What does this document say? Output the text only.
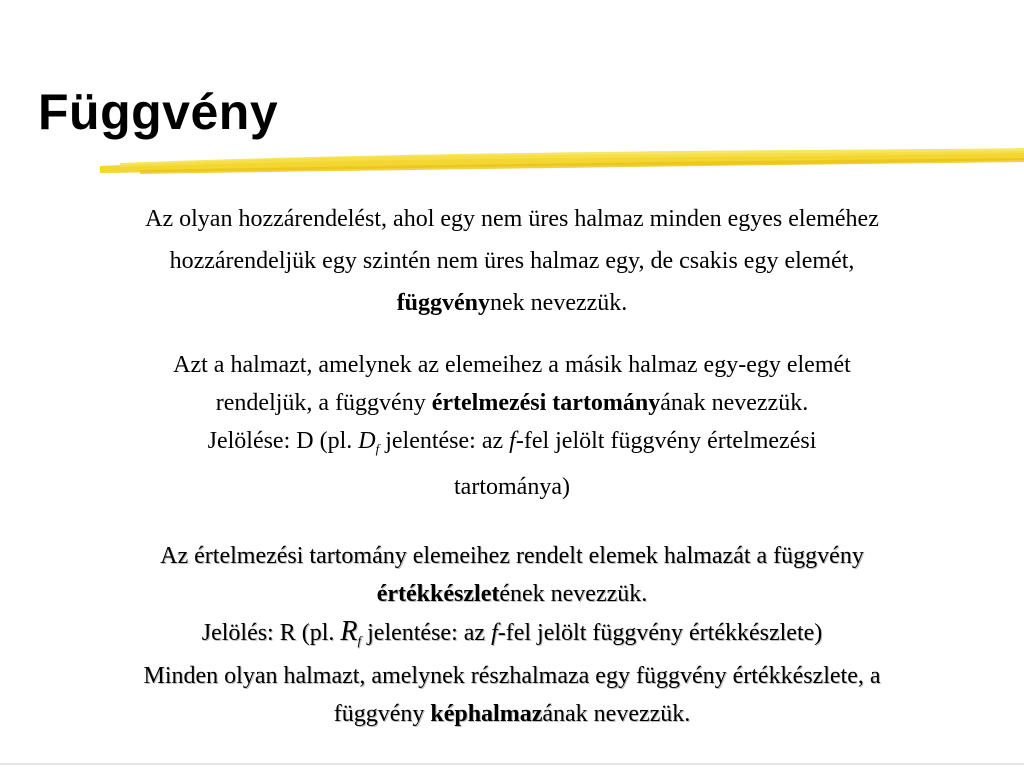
Függvény
Az olyan hozzárendelést, ahol egy nem üres halmaz minden egyes eleméhez
hozzárendeljük egy szintén nem üres halmaz egy, de csakis egy elemét,
függvénynek nevezzük.
Azt a halmazt, amelynek az elemeihez a másik halmaz egy-egy elemét
rendeljük, a függvény értelmezési tartományának nevezzük.
Jelölése: D (pl. $D_f$ jelentése: az f-fel jelölt függvény értelmezési
tartománya)
Az értelmezési tartomány elemeihez rendelt elemek halmazát a függvény
értékkészletének nevezzük.
Jelölés: R (pl. $R_f$ jelentése: az f-fel jelölt függvény értékkészlete)
Minden olyan halmazt, amelynek részhalmaza egy függvény értékkészlete, a
függvény képhalmazának nevezzük.
